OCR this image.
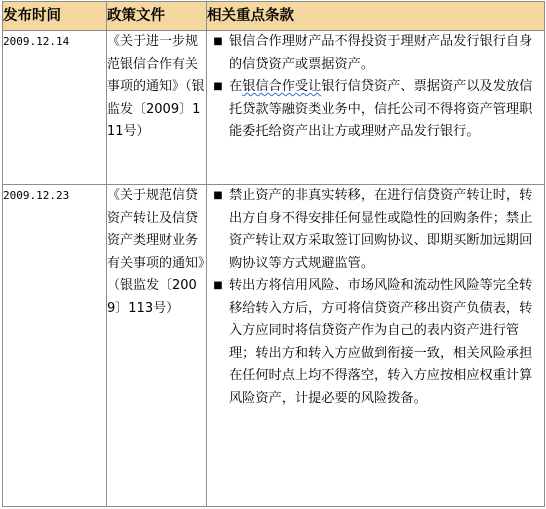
发布时间	政策文件	相关重点条款
2009.12.14	《关于进一步规范银信合作有关事项的通知》（银监发〔2009〕111号）	■ 银信合作理财产品不得投资于理财产品发行银行自身的信贷资产或票据资产。
■ 在银信合作受让银行信贷资产、票据资产以及发放信托贷款等融资类业务中，信托公司不得将资产管理职能委托给资产出让方或理财产品发行银行。

2009.12.23	《关于规范信贷资产转让及信贷资产类理财业务有关事项的通知》（银监发〔2009〕113号）	■ 禁止资产的非真实转移，在进行信贷资产转让时，转出方自身不得安排任何显性或隐性的回购条件；禁止资产转让双方采取签订回购协议、即期买断加远期回购协议等方式规避监管。
■ 转出方将信用风险、市场风险和流动性风险等完全转移给转入方后，方可将信贷资产移出资产负债表，转入方应同时将信贷资产作为自己的表内资产进行管理；转出方和转入方应做到衔接一致，相关风险承担在任何时点上均不得落空，转入方应按相应权重计算风险资产，计提必要的风险拨备。
